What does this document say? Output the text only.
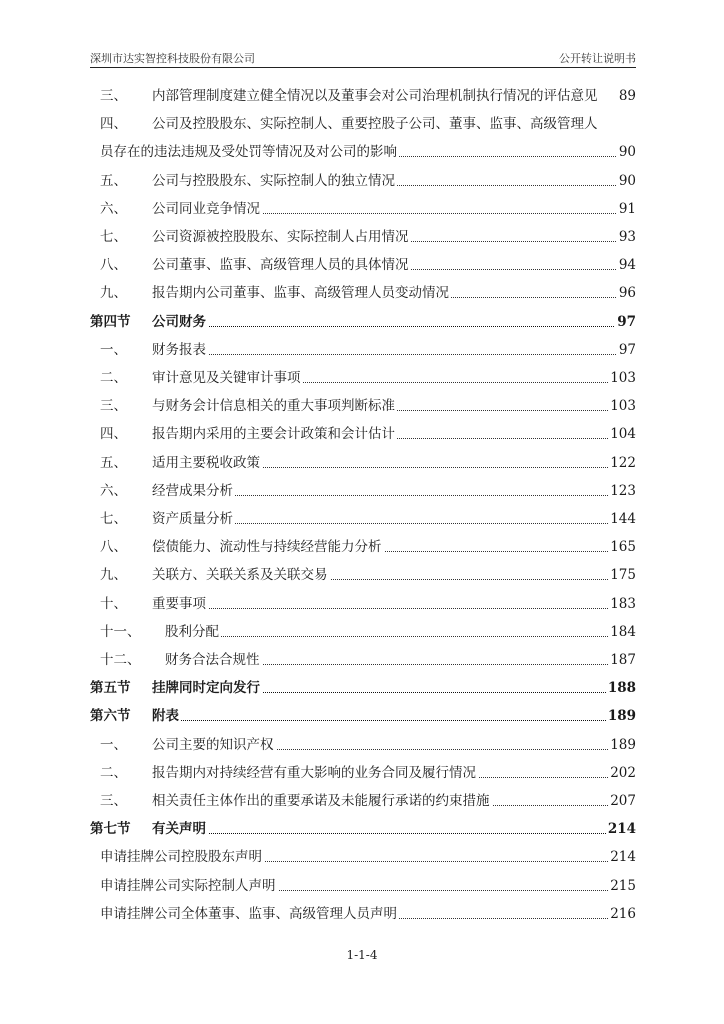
深圳市达实智控科技股份有限公司	公开转让说明书
三、 内部管理制度建立健全情况以及董事会对公司治理机制执行情况的评估意见 89
四、 公司及控股股东、实际控制人、重要控股子公司、董事、监事、高级管理人
员存在的违法违规及受处罚等情况及对公司的影响	90
五、 公司与控股股东、实际控制人的独立情况	90
六、 公司同业竞争情况	91
七、 公司资源被控股股东、实际控制人占用情况	93
八、 公司董事、监事、高级管理人员的具体情况	94
九、 报告期内公司董事、监事、高级管理人员变动情况	96
第四节 公司财务	97
一、 财务报表	97
二、 审计意见及关键审计事项	103
三、 与财务会计信息相关的重大事项判断标准	103
四、 报告期内采用的主要会计政策和会计估计	104
五、 适用主要税收政策	122
六、 经营成果分析	123
七、 资产质量分析	144
八、 偿债能力、流动性与持续经营能力分析	165
九、 关联方、关联关系及关联交易	175
十、 重要事项	183
十一、 股利分配	184
十二、 财务合法合规性	187
第五节 挂牌同时定向发行	188
第六节 附表	189
一、 公司主要的知识产权	189
二、 报告期内对持续经营有重大影响的业务合同及履行情况	202
三、 相关责任主体作出的重要承诺及未能履行承诺的约束措施	207
第七节 有关声明	214
申请挂牌公司控股股东声明	214
申请挂牌公司实际控制人声明	215
申请挂牌公司全体董事、监事、高级管理人员声明	216
1-1-4
